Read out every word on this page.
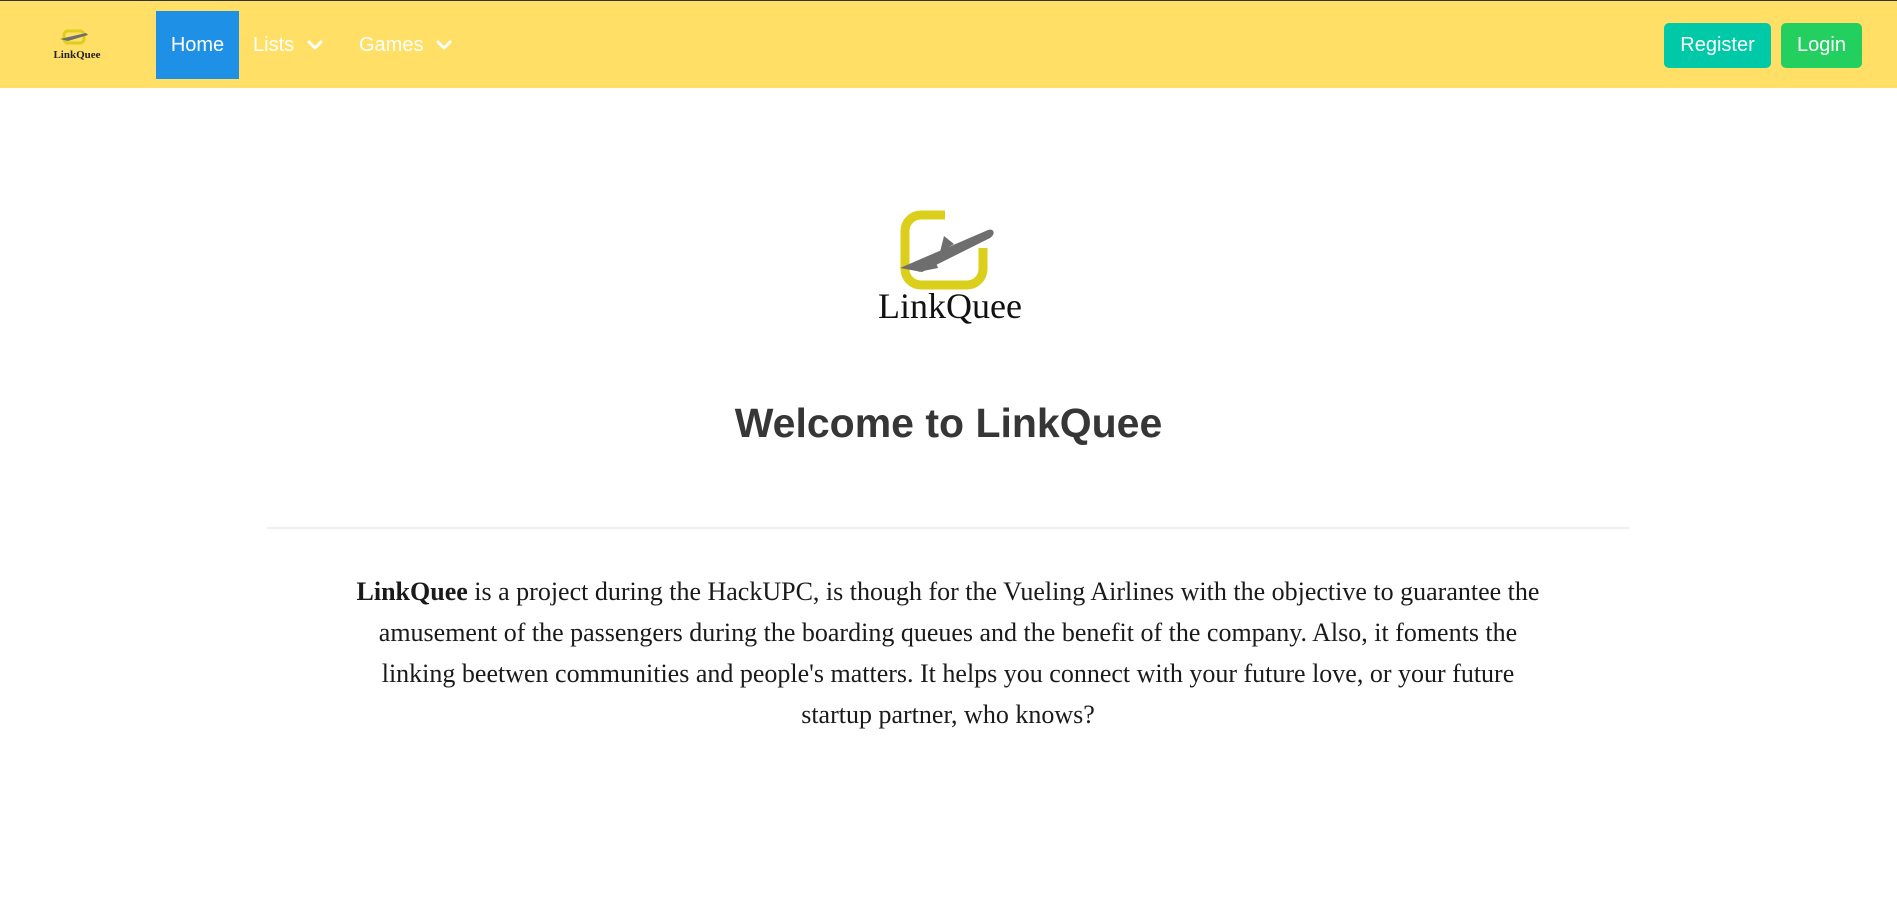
LinkQuee	Home Lists	Games	Register	Login
LinkQuee
Welcome to LinkQuee

LinkQuee is a project during the HackUPC, is though for the Vueling Airlines with the objective to guarantee the amusement of the passengers during the boarding queues and the benefit of the company. Also, it foments the linking beetwen communities and people's matters. It helps you connect with your future love, or your future startup partner, who knows?
